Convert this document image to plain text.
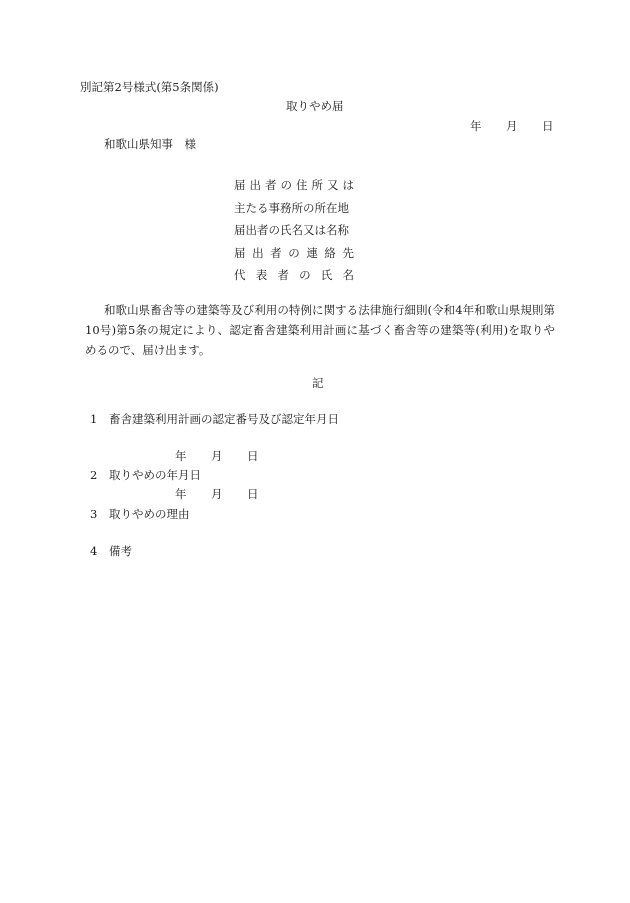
別記第2号様式(第5条関係)
取りやめ届
年 月 日
和歌山県知事　様
届 出 者 の 住 所 又 は
主たる事務所の所在地
届出者の氏名又は名称
届 出 者 の 連 絡 先
代 表 者 の 氏 名
和歌山県畜舎等の建築等及び利用の特例に関する法律施行細則(令和4年和歌山県規則第10号)第5条の規定により、認定畜舎建築利用計画に基づく畜舎等の建築等(利用)を取りやめるので、届け出ます。
記
1 畜舎建築利用計画の認定番号及び認定年月日
年 月 日
2 取りやめの年月日
年 月 日
3 取りやめの理由
4 備考
